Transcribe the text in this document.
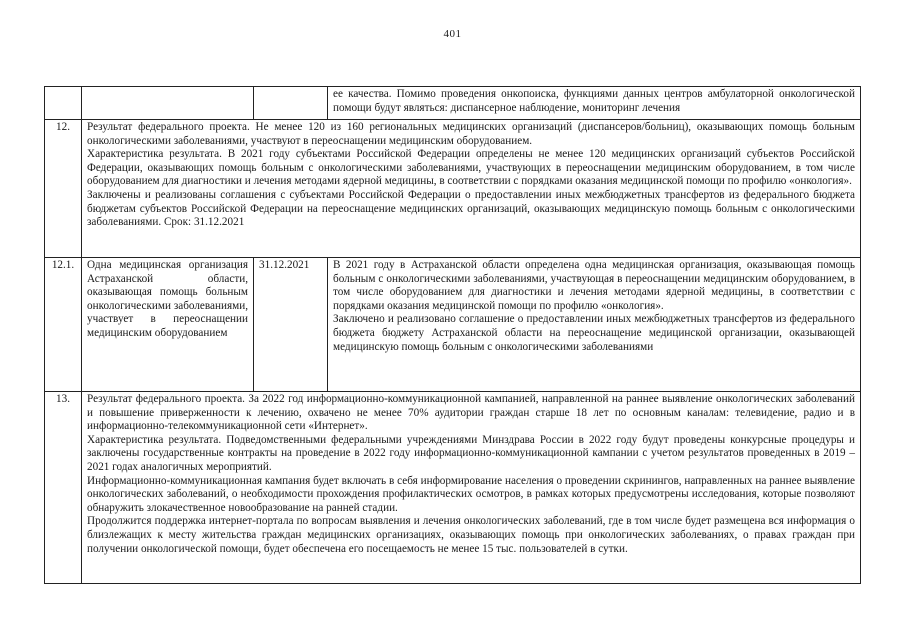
401

			ее качества. Помимо проведения онкопоиска, функциями данных центров амбулаторной онкологической помощи будут являться: диспансерное наблюдение, мониторинг лечения

12.	Результат федерального проекта. Не менее 120 из 160 региональных медицинских организаций (диспансеров/больниц), оказывающих помощь больным онкологическими заболеваниями, участвуют в переоснащении медицинским оборудованием.

Характеристика результата. В 2021 году субъектами Российской Федерации определены не менее 120 медицинских организаций субъектов Российской Федерации, оказывающих помощь больным с онкологическими заболеваниями, участвующих в переоснащении медицинским оборудованием, в том числе оборудованием для диагностики и лечения методами ядерной медицины, в соответствии с порядками оказания медицинской помощи по профилю «онкология».

Заключены и реализованы соглашения с субъектами Российской Федерации о предоставлении иных межбюджетных трансфертов из федерального бюджета бюджетам субъектов Российской Федерации на переоснащение медицинских организаций, оказывающих медицинскую помощь больным с онкологическими заболеваниями. Срок: 31.12.2021		

12.1.	Одна медицинская организация Астраханской области, оказывающая помощь больным онкологическими заболеваниями, участвует в переоснащении медицинским оборудованием	31.12.2021	В 2021 году в Астраханской области определена одна медицинская организация, оказывающая помощь больным с онкологическими заболеваниями, участвующая в переоснащении медицинским оборудованием, в том числе оборудованием для диагностики и лечения методами ядерной медицины, в соответствии с порядками оказания медицинской помощи по профилю «онкология».

Заключено и реализовано соглашение о предоставлении иных межбюджетных трансфертов из федерального бюджета бюджету Астраханской области на переоснащение медицинской организации, оказывающей медицинскую помощь больным с онкологическими заболеваниями

13.	Результат федерального проекта. За 2022 год информационно-коммуникационной кампанией, направленной на раннее выявление онкологических заболеваний и повышение приверженности к лечению, охвачено не менее 70% аудитории граждан старше 18 лет по основным каналам: телевидение, радио и в информационно-телекоммуникационной сети «Интернет».

Характеристика результата. Подведомственными федеральными учреждениями Минздрава России в 2022 году будут проведены конкурсные процедуры и заключены государственные контракты на проведение в 2022 году информационно-коммуникационной кампании с учетом результатов проведенных в 2019 – 2021 годах аналогичных мероприятий.

Информационно-коммуникационная кампания будет включать в себя информирование населения о проведении скринингов, направленных на раннее выявление онкологических заболеваний, о необходимости прохождения профилактических осмотров, в рамках которых предусмотрены исследования, которые позволяют обнаружить злокачественное новообразование на ранней стадии.

Продолжится поддержка интернет-портала по вопросам выявления и лечения онкологических заболеваний, где в том числе будет размещена вся информация о близлежащих к месту жительства граждан медицинских организациях, оказывающих помощь при онкологических заболеваниях, о правах граждан при получении онкологической помощи, будет обеспечена его посещаемость не менее 15 тыс. пользователей в сутки.		
